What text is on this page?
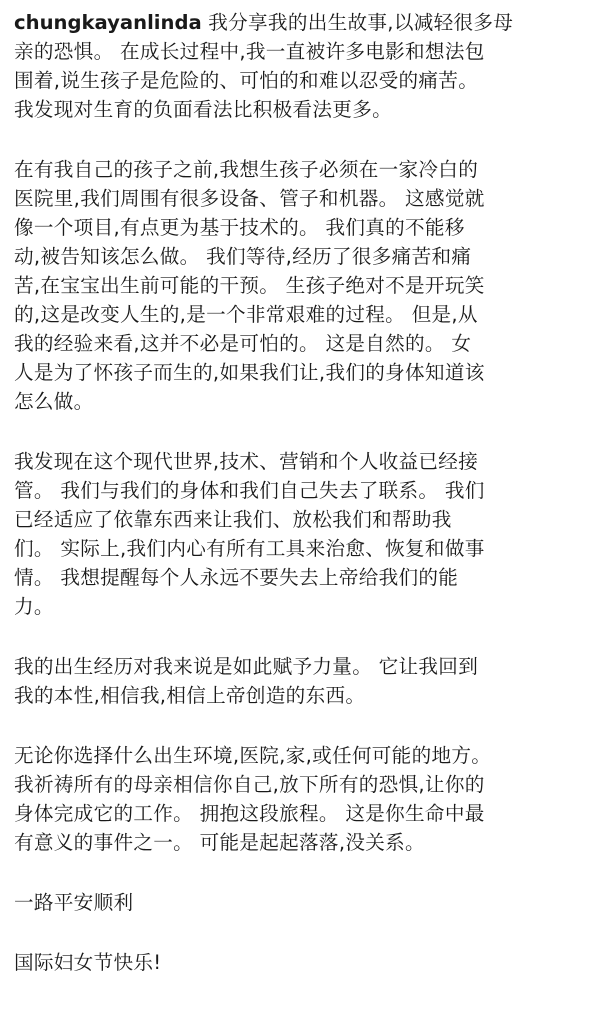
chungkayanlinda 我分享我的出生故事,以减轻很多母
亲的恐惧。 在成长过程中,我一直被许多电影和想法包
围着,说生孩子是危险的、可怕的和难以忍受的痛苦。
我发现对生育的负面看法比积极看法更多。

在有我自己的孩子之前,我想生孩子必须在一家冷白的
医院里,我们周围有很多设备、管子和机器。 这感觉就
像一个项目,有点更为基于技术的。 我们真的不能移
动,被告知该怎么做。 我们等待,经历了很多痛苦和痛
苦,在宝宝出生前可能的干预。 生孩子绝对不是开玩笑
的,这是改变人生的,是一个非常艰难的过程。 但是,从
我的经验来看,这并不必是可怕的。 这是自然的。 女
人是为了怀孩子而生的,如果我们让,我们的身体知道该
怎么做。

我发现在这个现代世界,技术、营销和个人收益已经接
管。 我们与我们的身体和我们自己失去了联系。 我们
已经适应了依靠东西来让我们、放松我们和帮助我
们。 实际上,我们内心有所有工具来治愈、恢复和做事
情。 我想提醒每个人永远不要失去上帝给我们的能
力。

我的出生经历对我来说是如此赋予力量。 它让我回到
我的本性,相信我,相信上帝创造的东西。

无论你选择什么出生环境,医院,家,或任何可能的地方。
我祈祷所有的母亲相信你自己,放下所有的恐惧,让你的
身体完成它的工作。 拥抱这段旅程。 这是你生命中最
有意义的事件之一。 可能是起起落落,没关系。

一路平安顺利

国际妇女节快乐!
